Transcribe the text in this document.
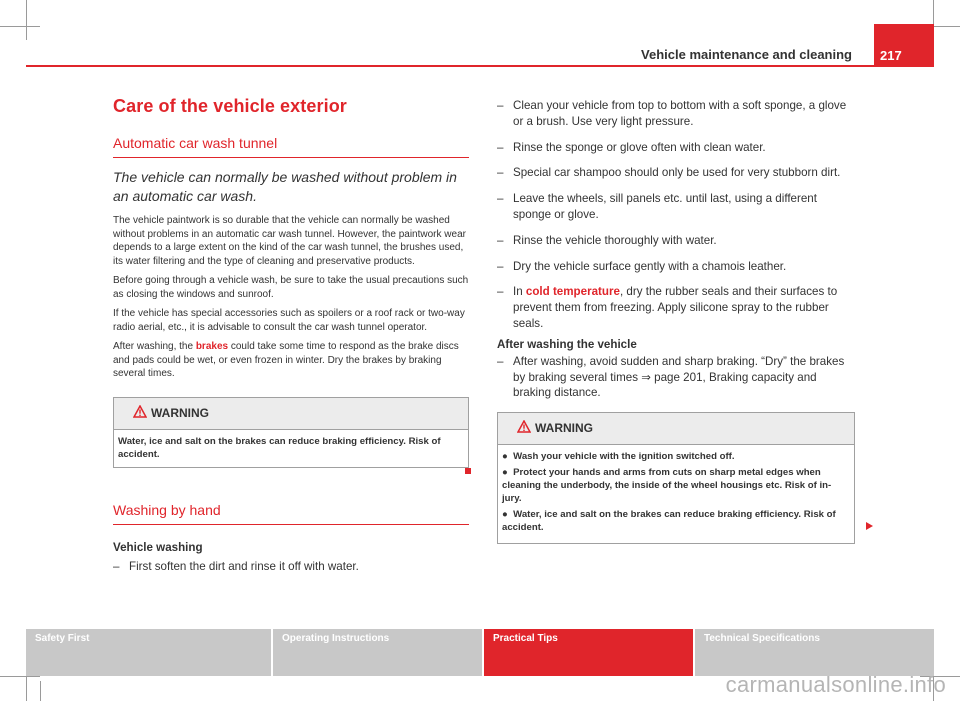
Vehicle maintenance and cleaning 217
Care of the vehicle exterior
Automatic car wash tunnel
The vehicle can normally be washed without problem in an automatic car wash.

The vehicle paintwork is so durable that the vehicle can normally be washed without problems in an automatic car wash tunnel. However, the paintwork wear depends to a large extent on the kind of the car wash tunnel, the brushes used, its water filtering and the type of cleaning and preservative products.

Before going through a vehicle wash, be sure to take the usual precautions such as closing the windows and sunroof.

If the vehicle has special accessories such as spoilers or a roof rack or two-way radio aerial, etc., it is advisable to consult the car wash tunnel operator.

After washing, the brakes could take some time to respond as the brake discs and pads could be wet, or even frozen in winter. Dry the brakes by braking several times.

WARNING
Water, ice and salt on the brakes can reduce braking efficiency. Risk of accident.
Washing by hand
Vehicle washing
– First soften the dirt and rinse it off with water.
– Clean your vehicle from top to bottom with a soft sponge, a glove or a brush. Use very light pressure.
– Rinse the sponge or glove often with clean water.
– Special car shampoo should only be used for very stubborn dirt.
– Leave the wheels, sill panels etc. until last, using a different sponge or glove.
– Rinse the vehicle thoroughly with water.
– Dry the vehicle surface gently with a chamois leather.
– In cold temperature, dry the rubber seals and their surfaces to prevent them from freezing. Apply silicone spray to the rubber seals.
After washing the vehicle
– After washing, avoid sudden and sharp braking. “Dry” the brakes by braking several times ⇒ page 201, Braking capacity and braking distance.
WARNING
● Wash your vehicle with the ignition switched off.
● Protect your hands and arms from cuts on sharp metal edges when cleaning the underbody, the inside of the wheel housings etc. Risk of in-jury.
● Water, ice and salt on the brakes can reduce braking efficiency. Risk of accident.
Safety First	Operating Instructions	Practical Tips	Technical Specifications
carmanualsonline.info
